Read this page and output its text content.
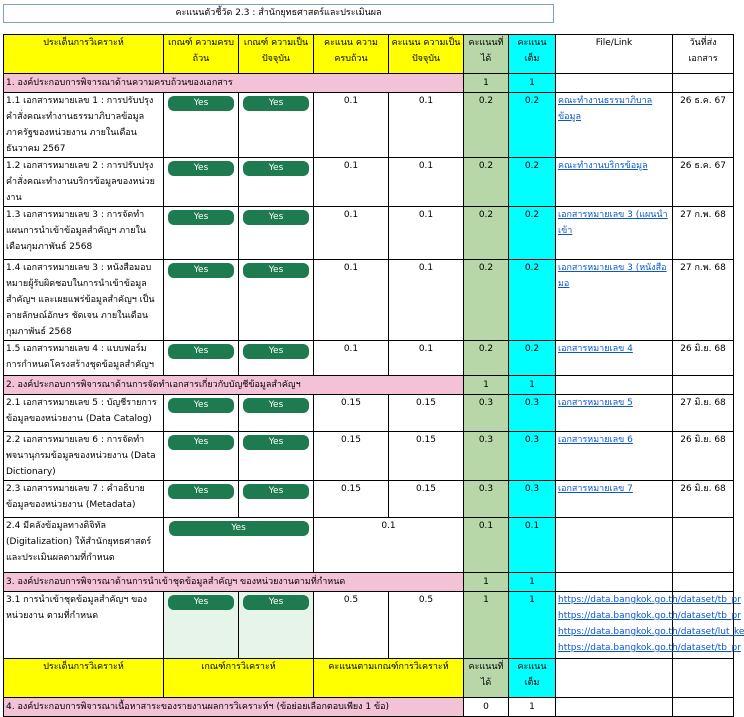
คะแนนตัวชี้วัด 2.3 : สำนักยุทธศาสตร์และประเมินผล
ประเด็นการวิเคราะห์	เกณฑ์ ความครบถ้วน	เกณฑ์ ความเป็นปัจจุบัน	คะแนน ความครบถ้วน	คะแนน ความเป็นปัจจุบัน	คะแนนที่ได้	คะแนนเต็ม	File/Link	วันที่ส่งเอกสาร
1. องค์ประกอบการพิจารณาด้านความครบถ้วนของเอกสาร					1	1		
1.1 เอกสารหมายเลข 1 : การปรับปรุงคำสั่งคณะทำงานธรรมาภิบาลข้อมูลภาครัฐของหน่วยงาน ภายในเดือนธันวาคม 2567	Yes	Yes	0.1	0.1	0.2	0.2	คณะทำงานธรรมาภิบาลข้อมูล	26 ธ.ค. 67
1.2 เอกสารหมายเลข 2 : การปรับปรุงคำสั่งคณะทำงานบริกรข้อมูลของหน่วยงาน	Yes	Yes	0.1	0.1	0.2	0.2	คณะทำงานบริกรข้อมูล	26 ธ.ค. 67
1.3 เอกสารหมายเลข 3 : การจัดทำแผนการนำเข้าข้อมูลสำคัญฯ ภายในเดือนกุมภาพันธ์ 2568	Yes	Yes	0.1	0.1	0.2	0.2	เอกสารหมายเลข 3 (แผนนำเข้า	27 ก.พ. 68
1.4 เอกสารหมายเลข 3 : หนังสือมอบหมายผู้รับผิดชอบในการนำเข้าข้อมูลสำคัญฯ และเผยแพร่ข้อมูลสำคัญฯ เป็นลายลักษณ์อักษร ชัดเจน ภายในเดือนกุมภาพันธ์ 2568	Yes	Yes	0.1	0.1	0.2	0.2	เอกสารหมายเลข 3 (หนังสือมอ	27 ก.พ. 68
1.5 เอกสารหมายเลข 4 : แบบฟอร์มการกำหนดโครงสร้างชุดข้อมูลสำคัญฯ	Yes	Yes	0.1	0.1	0.2	0.2	เอกสารหมายเลข 4	26 มิ.ย. 68
2. องค์ประกอบการพิจารณาด้านการจัดทำเอกสารเกี่ยวกับบัญชีข้อมูลสำคัญฯ					1	1		
2.1 เอกสารหมายเลข 5 : บัญชีรายการข้อมูลของหน่วยงาน (Data Catalog)	Yes	Yes	0.15	0.15	0.3	0.3	เอกสารหมายเลข 5	27 มิ.ย. 68
2.2 เอกสารหมายเลข 6 : การจัดทำพจนานุกรมข้อมูลของหน่วยงาน (Data Dictionary)	Yes	Yes	0.15	0.15	0.3	0.3	เอกสารหมายเลข 6	26 มิ.ย. 68
2.3 เอกสารหมายเลข 7 : คำอธิบายข้อมูลของหน่วยงาน (Metadata)	Yes	Yes	0.15	0.15	0.3	0.3	เอกสารหมายเลข 7	26 มิ.ย. 68
2.4 มีคลังข้อมูลทางดิจิทัล (Digitalization) ให้สำนักยุทธศาสตร์และประเมินผลตามที่กำหนด	Yes		0.1		0.1	0.1		
3. องค์ประกอบการพิจารณาด้านการนำเข้าชุดข้อมูลสำคัญฯ ของหน่วยงานตามที่กำหนด					1	1		
3.1 การนำเข้าชุดข้อมูลสำคัญฯ ของหน่วยงาน ตามที่กำหนด	Yes	Yes	0.5	0.5	1	1	https://data.bangkok.go.th/dataset/tb_pr
https://data.bangkok.go.th/dataset/tb_pr
https://data.bangkok.go.th/dataset/lut_ke
https://data.bangkok.go.th/dataset/tb_pr	

ประเด็นการวิเคราะห์	เกณฑ์การวิเคราะห์		คะแนนตามเกณฑ์การวิเคราะห์		คะแนนที่ได้	คะแนนเต็ม		
4. องค์ประกอบการพิจารณาเนื้อหาสาระของรายงานผลการวิเคราะห์ฯ (ข้อย่อยเลือกตอบเพียง 1 ข้อ)					0	1		
